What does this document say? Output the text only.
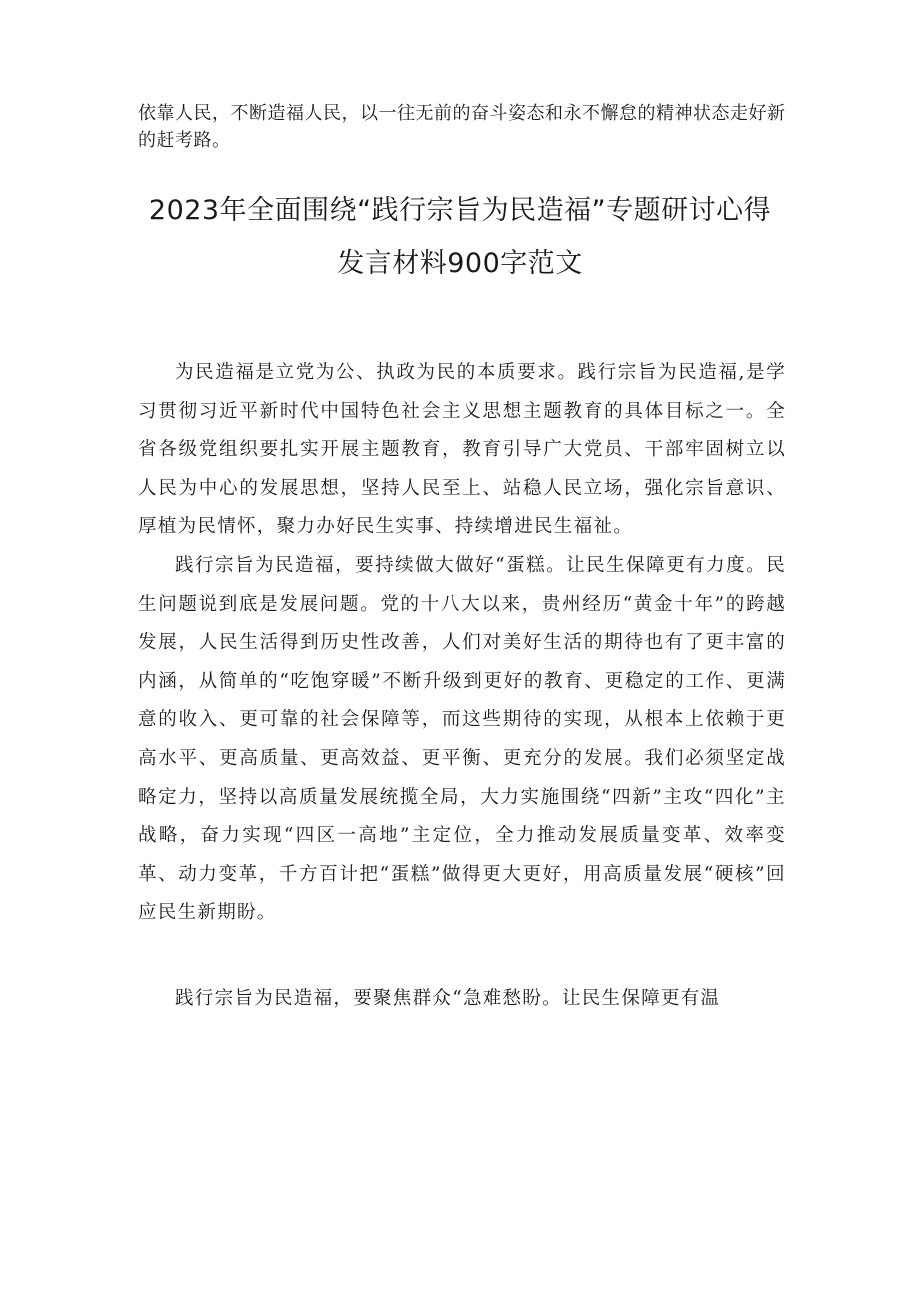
依靠人民，不断造福人民，以一往无前的奋斗姿态和永不懈怠的精神状态走好新的赶考路。

2023年全面围绕“践行宗旨为民造福”专题研讨心得
发言材料900字范文

为民造福是立党为公、执政为民的本质要求。践行宗旨为民造福,是学习贯彻习近平新时代中国特色社会主义思想主题教育的具体目标之一。全省各级党组织要扎实开展主题教育，教育引导广大党员、干部牢固树立以人民为中心的发展思想，坚持人民至上、站稳人民立场，强化宗旨意识、厚植为民情怀，聚力办好民生实事、持续增进民生福祉。

践行宗旨为民造福，要持续做大做好“蛋糕。让民生保障更有力度。民生问题说到底是发展问题。党的十八大以来，贵州经历“黄金十年”的跨越发展，人民生活得到历史性改善，人们对美好生活的期待也有了更丰富的内涵，从简单的“吃饱穿暖”不断升级到更好的教育、更稳定的工作、更满意的收入、更可靠的社会保障等，而这些期待的实现，从根本上依赖于更高水平、更高质量、更高效益、更平衡、更充分的发展。我们必须坚定战略定力，坚持以高质量发展统揽全局，大力实施围绕“四新”主攻“四化”主战略，奋力实现“四区一高地”主定位，全力推动发展质量变革、效率变革、动力变革，千方百计把“蛋糕”做得更大更好，用高质量发展“硬核”回应民生新期盼。

践行宗旨为民造福，要聚焦群众“急难愁盼。让民生保障更有温
